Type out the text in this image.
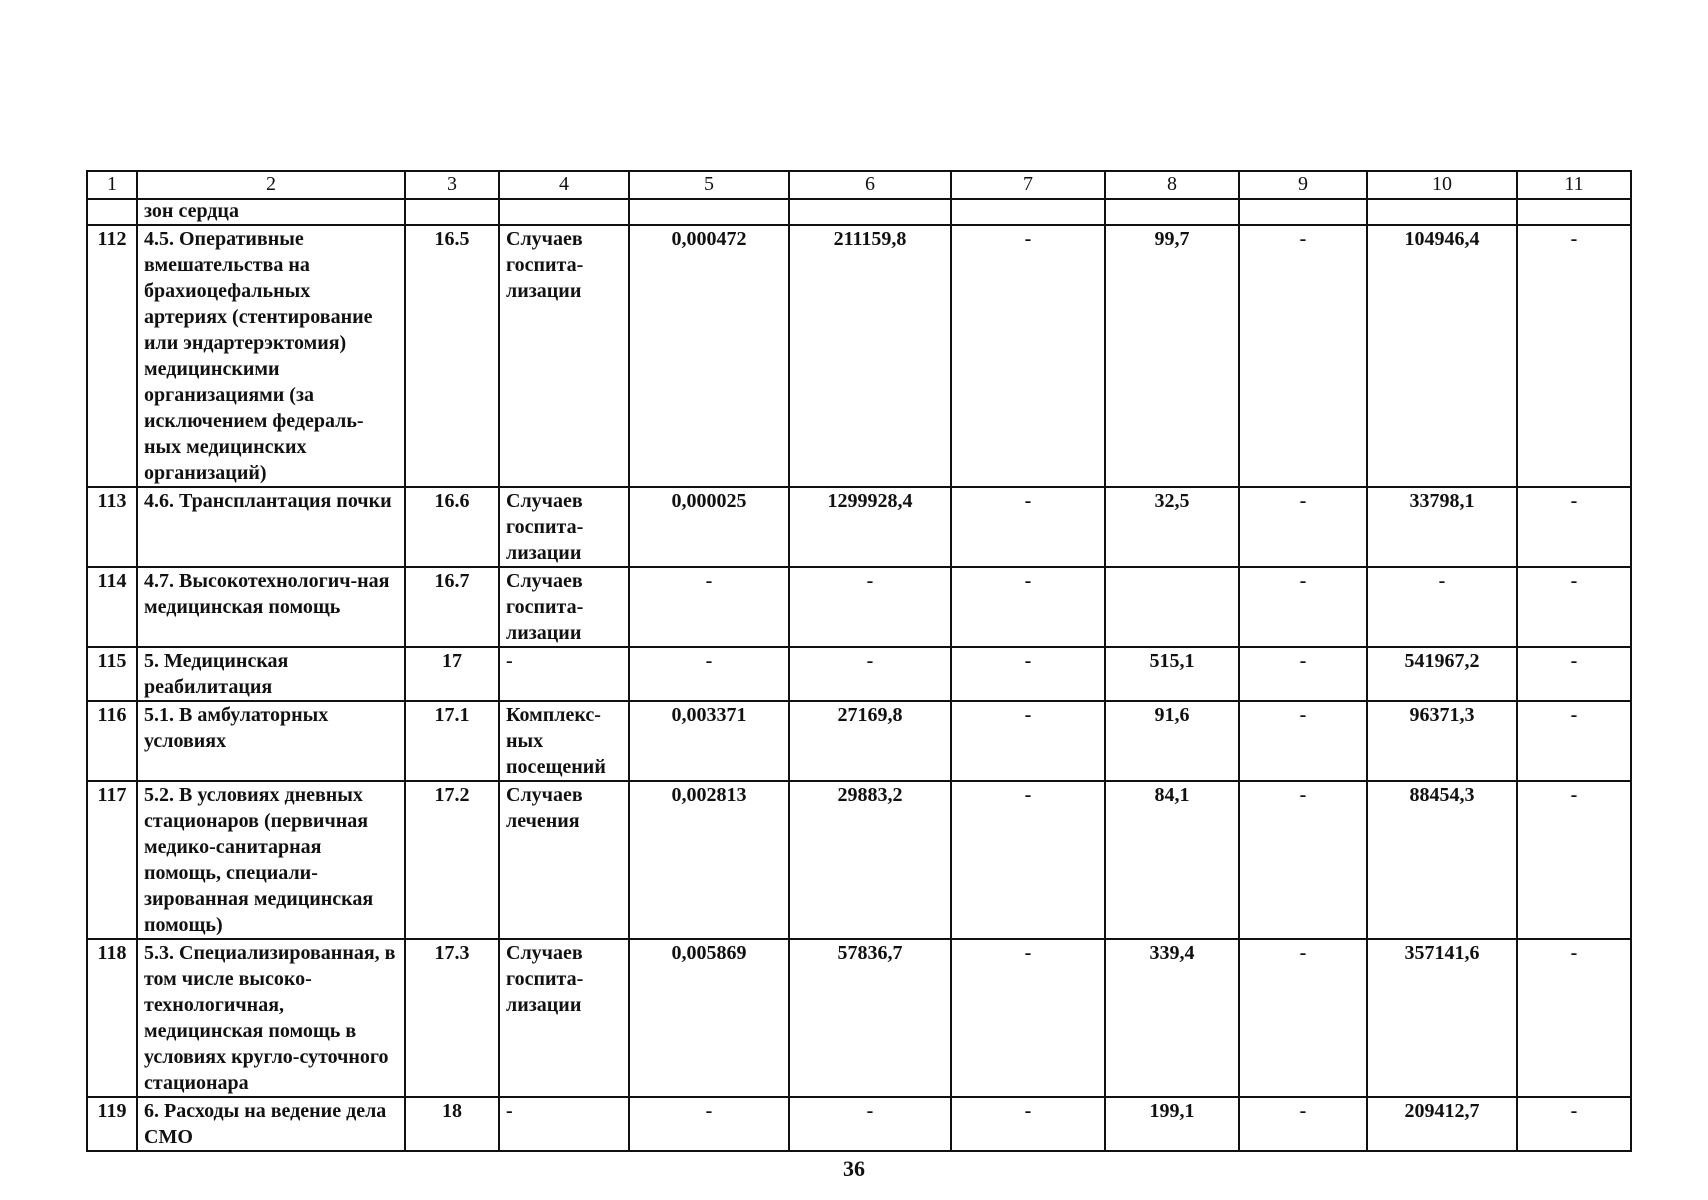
1	2	3	4	5	6	7	8	9	10	11
	зон сердца									
112	4.5. Оперативные вмешательства на брахиоцефальных артериях (стентирование или эндартерэктомия) медицинскими организациями (за исключением федераль-ных медицинских организаций)	16.5	Случаев госпита-лизации	0,000472	211159,8	-	99,7	-	104946,4	-
113	4.6. Трансплантация почки	16.6	Случаев госпита-лизации	0,000025	1299928,4	-	32,5	-	33798,1	-
114	4.7. Высокотехнологич-ная медицинская помощь	16.7	Случаев госпита-лизации	-	-	-		-	-	-
115	5. Медицинская реабилитация	17	-	-	-	-	515,1	-	541967,2	-
116	5.1. В амбулаторных условиях	17.1	Комплекс-ных посещений	0,003371	27169,8	-	91,6	-	96371,3	-
117	5.2. В условиях дневных стационаров (первичная медико-санитарная помощь, специали-зированная медицинская помощь)	17.2	Случаев лечения	0,002813	29883,2	-	84,1	-	88454,3	-
118	5.3. Специализированная, в том числе высоко-технологичная, медицинская помощь в условиях кругло-суточного стационара	17.3	Случаев госпита-лизации	0,005869	57836,7	-	339,4	-	357141,6	-
119	6. Расходы на ведение дела СМО	18	-	-	-	-	199,1	-	209412,7	-
36
